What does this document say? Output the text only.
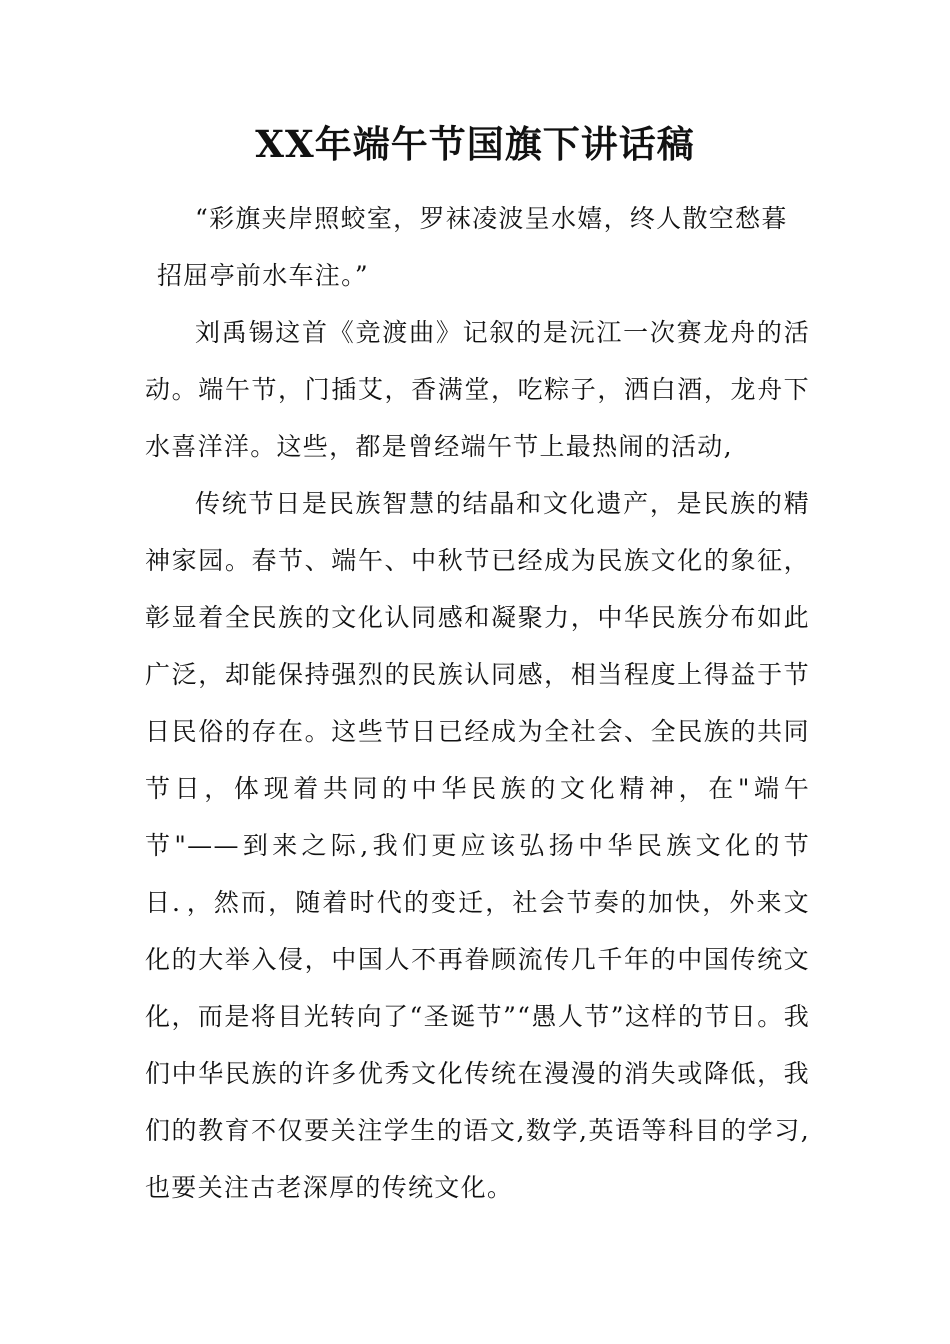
XX年端午节国旗下讲话稿

“彩旗夹岸照蛟室，罗袜凌波呈水嬉，终人散空愁暮
招屈亭前水车注。”

刘禹锡这首《竞渡曲》记叙的是沅江一次赛龙舟的活动。端午节，门插艾，香满堂，吃粽子，洒白酒，龙舟下水喜洋洋。这些，都是曾经端午节上最热闹的活动,

传统节日是民族智慧的结晶和文化遗产，是民族的精神家园。春节、端午、中秋节已经成为民族文化的象征，彰显着全民族的文化认同感和凝聚力，中华民族分布如此广泛，却能保持强烈的民族认同感，相当程度上得益于节日民俗的存在。这些节日已经成为全社会、全民族的共同节日，体现着共同的中华民族的文化精神，在"端午节"——到来之际,我们更应该弘扬中华民族文化的节日．，然而，随着时代的变迁，社会节奏的加快，外来文化的大举入侵，中国人不再眷顾流传几千年的中国传统文化，而是将目光转向了“圣诞节”“愚人节”这样的节日。我们中华民族的许多优秀文化传统在漫漫的消失或降低，我们的教育不仅要关注学生的语文,数学,英语等科目的学习,也要关注古老深厚的传统文化。
